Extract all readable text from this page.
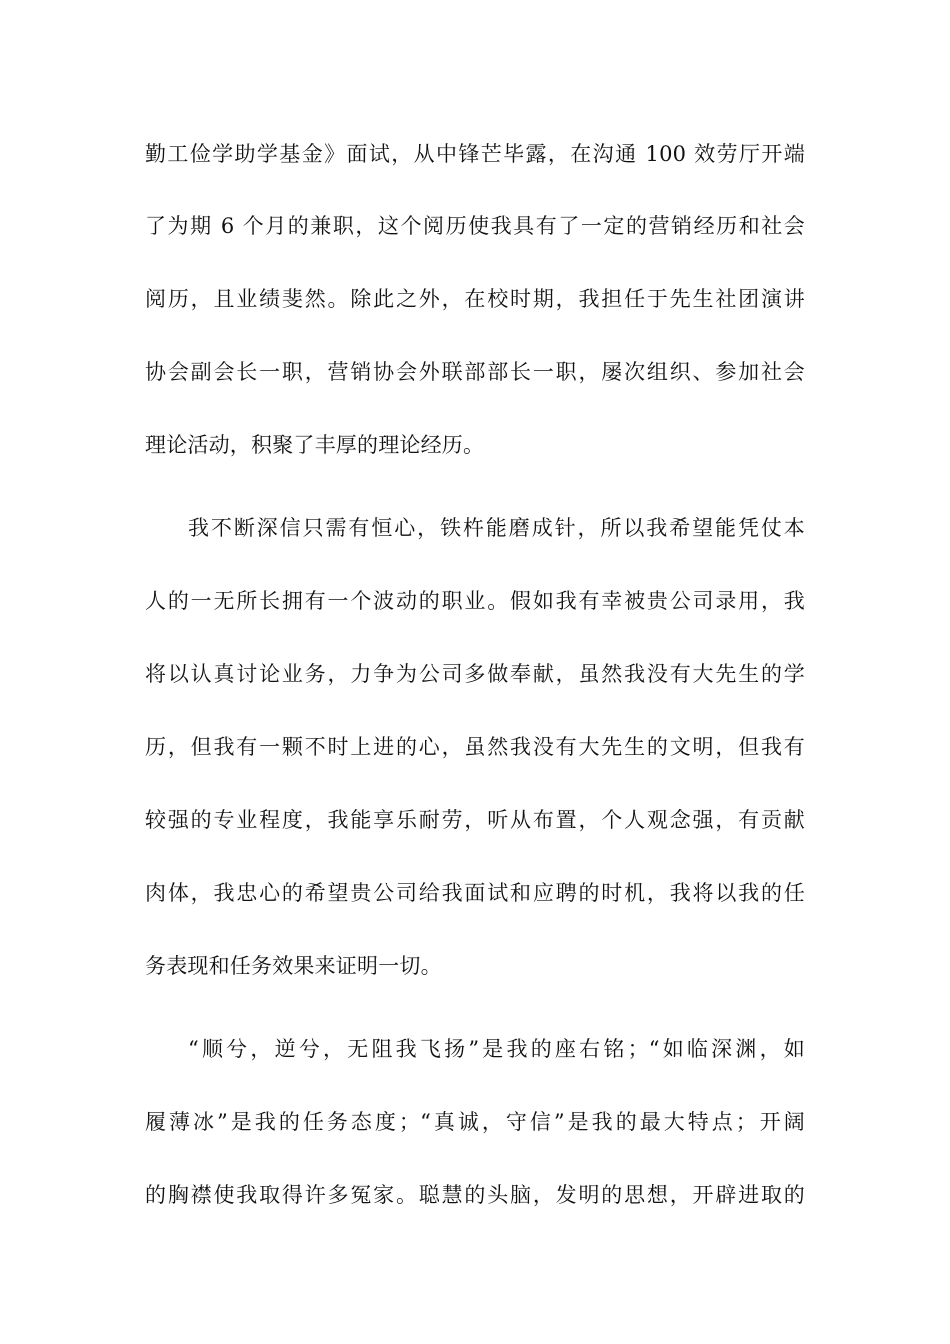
勤工俭学助学基金》面试，从中锋芒毕露，在沟通 100 效劳厅开端
了为期 6 个月的兼职，这个阅历使我具有了一定的营销经历和社会
阅历，且业绩斐然。除此之外，在校时期，我担任于先生社团演讲
协会副会长一职，营销协会外联部部长一职，屡次组织、参加社会
理论活动，积聚了丰厚的理论经历。
我不断深信只需有恒心，铁杵能磨成针，所以我希望能凭仗本
人的一无所长拥有一个波动的职业。假如我有幸被贵公司录用，我
将以认真讨论业务，力争为公司多做奉献，虽然我没有大先生的学
历，但我有一颗不时上进的心，虽然我没有大先生的文明，但我有
较强的专业程度，我能享乐耐劳，听从布置，个人观念强，有贡献
肉体，我忠心的希望贵公司给我面试和应聘的时机，我将以我的任
务表现和任务效果来证明一切。
“顺兮，逆兮，无阻我飞扬”是我的座右铭；“如临深渊，如
履薄冰”是我的任务态度；“真诚，守信”是我的最大特点；开阔
的胸襟使我取得许多冤家。聪慧的头脑，发明的思想，开辟进取的
